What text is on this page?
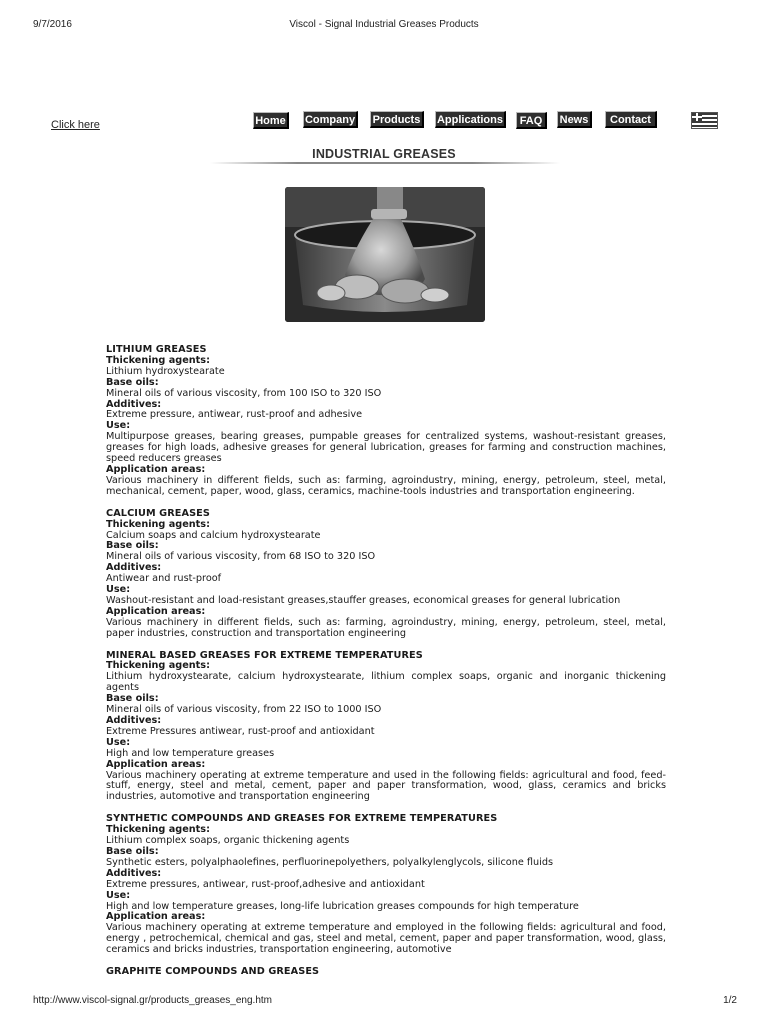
9/7/2016	Viscol - Signal Industrial Greases Products
Click here	Home Company Products	Applications	FAQ	News	Contact
INDUSTRIAL GREASES
LITHIUM GREASES
Thickening agents:
Lithium hydroxystearate
Base oils:
Mineral oils of various viscosity, from 100 ISO to 320 ISO
Additives:
Extreme pressure, antiwear, rust-proof and adhesive
Use:
Multipurpose greases, bearing greases, pumpable greases for centralized systems, washout-resistant greases, greases for high loads, adhesive greases for general lubrication, greases for farming and construction machines, speed reducers greases
Application areas:
Various machinery in different fields, such as: farming, agroindustry, mining, energy, petroleum, steel, metal, mechanical, cement, paper, wood, glass, ceramics, machine-tools industries and transportation engineering.
CALCIUM GREASES
Thickening agents:
Calcium soaps and calcium hydroxystearate
Base oils:
Mineral oils of various viscosity, from 68 ISO to 320 ISO
Additives:
Antiwear and rust-proof
Use:
Washout-resistant and load-resistant greases,stauffer greases, economical greases for general lubrication
Application areas:
Various machinery in different fields, such as: farming, agroindustry, mining, energy, petroleum, steel, metal, paper industries, construction and transportation engineering
MINERAL BASED GREASES FOR EXTREME TEMPERATURES
Thickening agents:
Lithium hydroxystearate, calcium hydroxystearate, lithium complex soaps, organic and inorganic thickening agents
Base oils:
Mineral oils of various viscosity, from 22 ISO to 1000 ISO
Additives:
Extreme Pressures antiwear, rust-proof and antioxidant
Use:
High and low temperature greases
Application areas:
Various machinery operating at extreme temperature and used in the following fields: agricultural and food, feed-stuff, energy, steel and metal, cement, paper and paper transformation, wood, glass, ceramics and bricks industries, automotive and transportation engineering
SYNTHETIC COMPOUNDS AND GREASES FOR EXTREME TEMPERATURES
Thickening agents:
Lithium complex soaps, organic thickening agents
Base oils:
Synthetic esters, polyalphaolefines, perfluorinepolyethers, polyalkylenglycols, silicone fluids
Additives:
Extreme pressures, antiwear, rust-proof,adhesive and antioxidant
Use:
High and low temperature greases, long-life lubrication greases compounds for high temperature
Application areas:
Various machinery operating at extreme temperature and employed in the following fields: agricultural and food, energy , petrochemical, chemical and gas, steel and metal, cement, paper and paper transformation, wood, glass, ceramics and bricks industries, transportation engineering, automotive
GRAPHITE COMPOUNDS AND GREASES
http://www.viscol-signal.gr/products_greases_eng.htm	1/2
